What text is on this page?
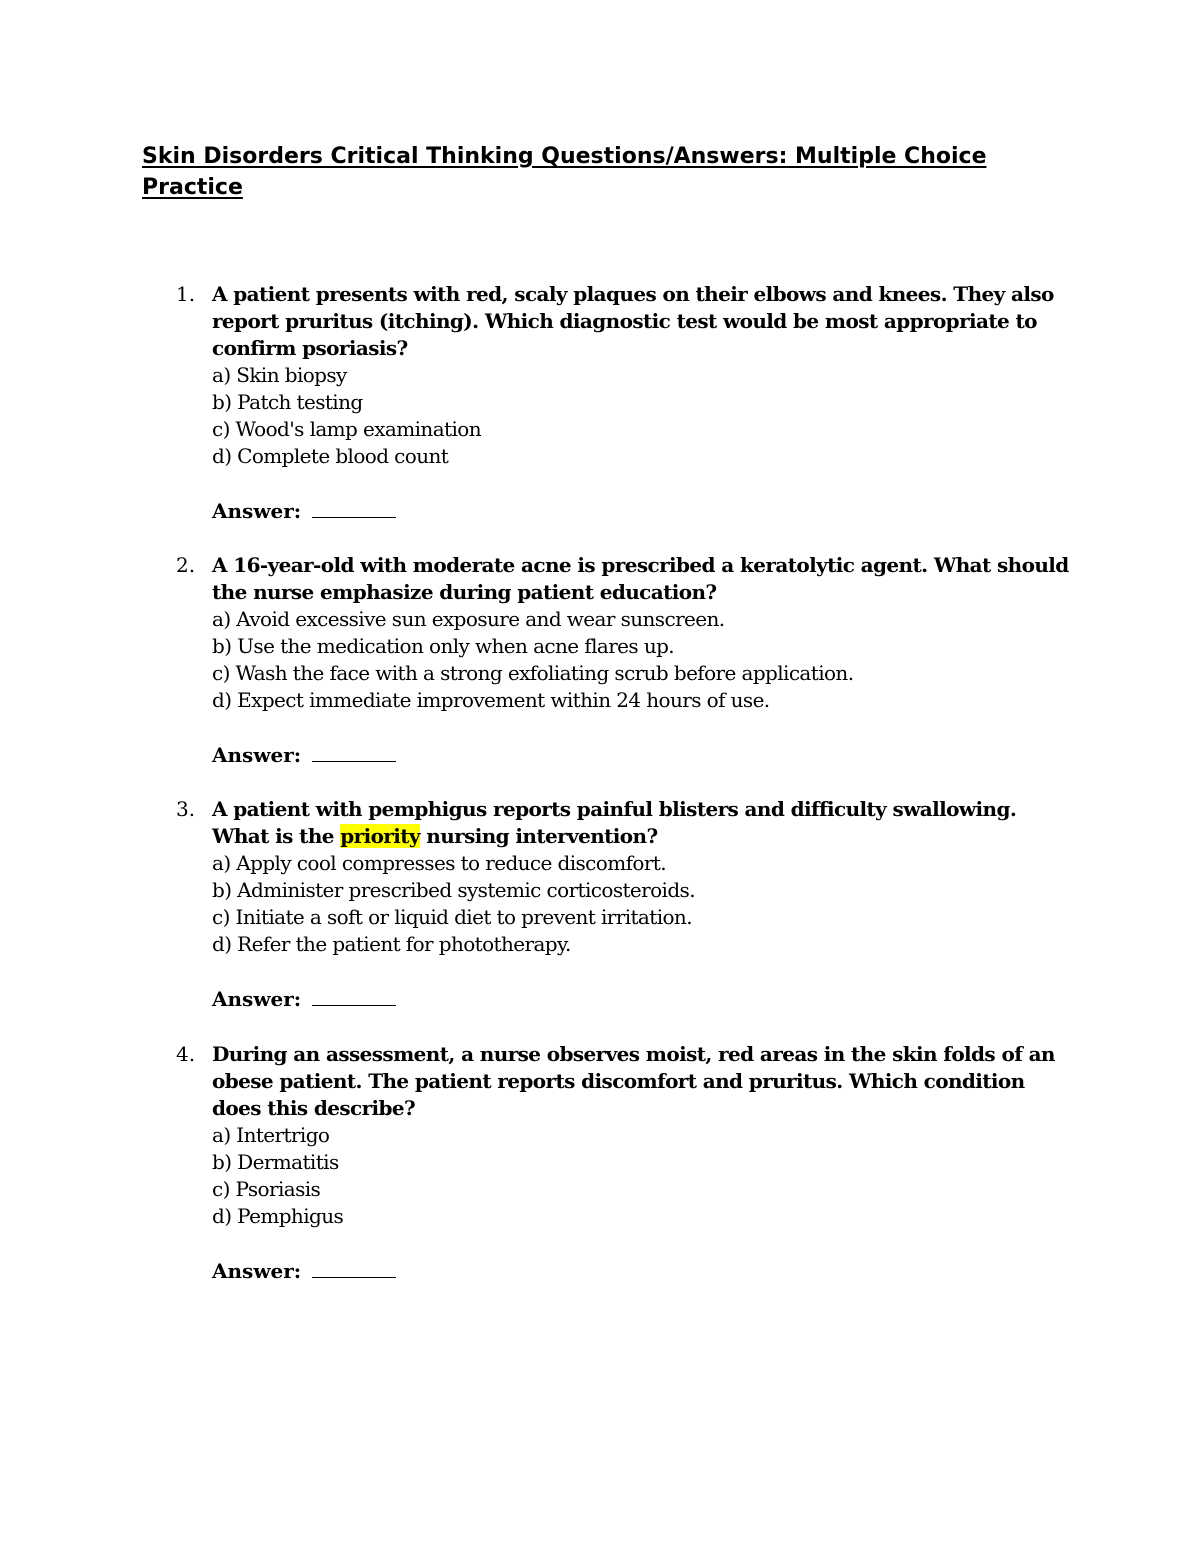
Skin Disorders Critical Thinking Questions/Answers: Multiple Choice Practice
1. A patient presents with red, scaly plaques on their elbows and knees. They also report pruritus (itching). Which diagnostic test would be most appropriate to confirm psoriasis?

a) Skin biopsy
b) Patch testing
c) Wood's lamp examination
d) Complete blood count

Answer:

2. A 16-year-old with moderate acne is prescribed a keratolytic agent. What should the nurse emphasize during patient education?

a) Avoid excessive sun exposure and wear sunscreen.
b) Use the medication only when acne flares up.
c) Wash the face with a strong exfoliating scrub before application.
d) Expect immediate improvement within 24 hours of use.

Answer:

3. A patient with pemphigus reports painful blisters and difficulty swallowing. What is the priority nursing intervention?

a) Apply cool compresses to reduce discomfort.
b) Administer prescribed systemic corticosteroids.
c) Initiate a soft or liquid diet to prevent irritation.
d) Refer the patient for phototherapy.

Answer:

4. During an assessment, a nurse observes moist, red areas in the skin folds of an obese patient. The patient reports discomfort and pruritus. Which condition does this describe?

a) Intertrigo
b) Dermatitis
c) Psoriasis
d) Pemphigus

Answer:
